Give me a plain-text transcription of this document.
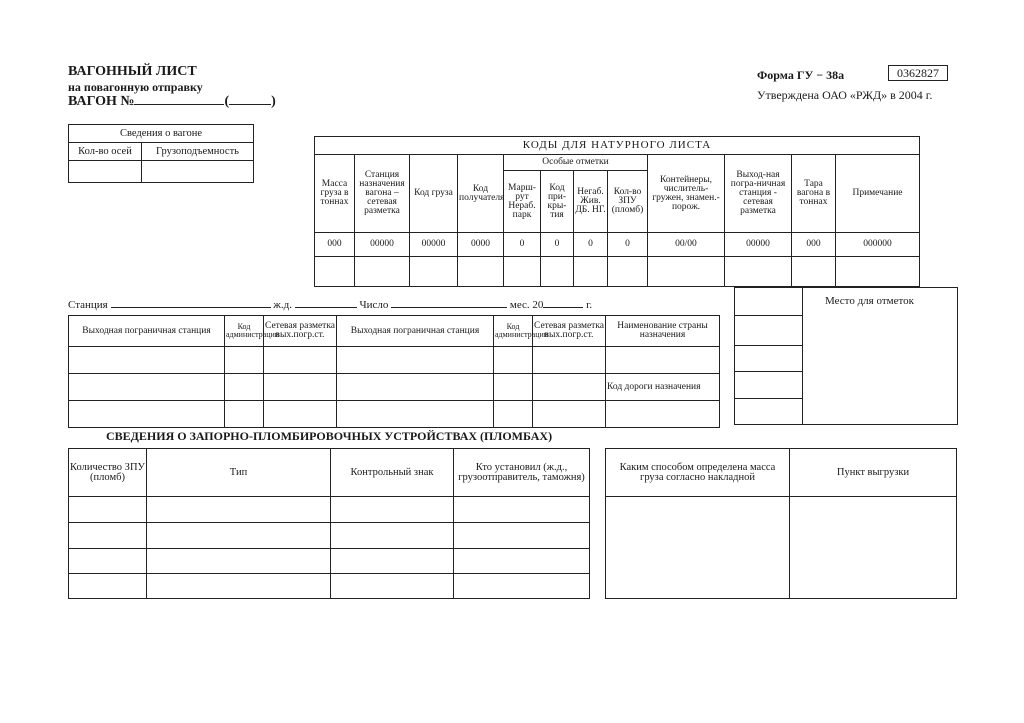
ВАГОННЫЙ ЛИСТ
на повагонную отправку
ВАГОН №	(	)
Форма ГУ − 38а	0362827
Утверждена ОАО «РЖД» в 2004 г.
Сведения о вагоне	
Кол-во осей	Грузоподъемность
		КОДЫ ДЛЯ НАТУРНОГО ЛИСТА											
Масса груза в тоннах	Станция назначения вагона – сетевая разметка	Код груза	Код получателя	Особые отметки				Контейнеры, числитель-гружен, знамен.-порож.	Выход-ная погра-ничная станция - сетевая разметка	Тара вагона в тоннах	Примечание
				Марш-рут Нераб. парк	Код при-кры-тия	Негаб. Жив. ДБ. НГ.	Кол-во ЗПУ (пломб)				
000	00000	00000	0000	0	0	0	0	00/00	00000	000	000000

Станция	ж.д.	Число	мес. 20	г.
Выходная пограничная станция	Код администрации	Сетевая разметка вых.погр.ст.	Выходная пограничная станция	Код администрации	Сетевая разметка вых.погр.ст.	Наименование страны назначения

						Код дороги назначения

Место для отметок
СВЕДЕНИЯ О ЗАПОРНО-ПЛОМБИРОВОЧНЫХ УСТРОЙСТВАХ (ПЛОМБАХ)
Количество ЗПУ (пломб)	Тип	Контрольный знак	Кто установил (ж.д., грузоотправитель, таможня)

Каким способом определена масса груза согласно накладной	Пункт выгрузки
